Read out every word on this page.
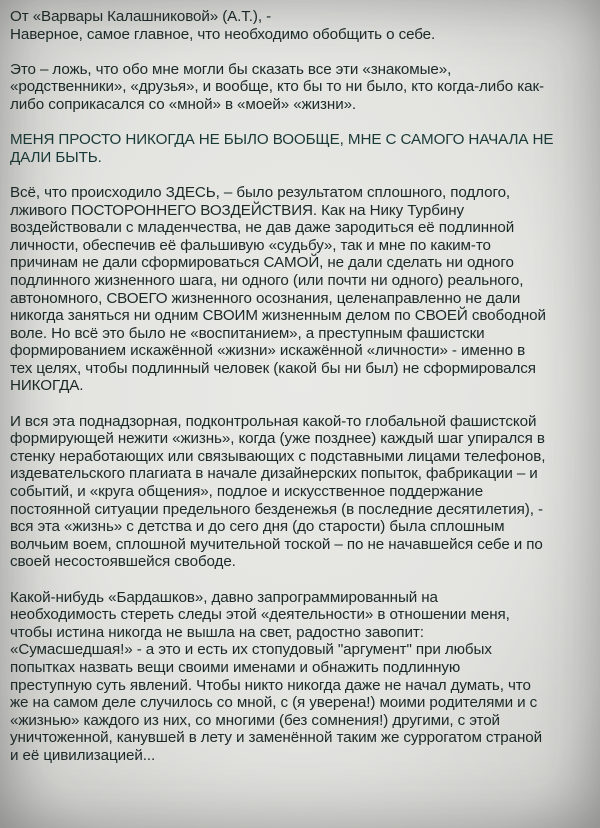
От «Варвары Калашниковой» (А.Т.), -
Наверное, самое главное, что необходимо обобщить о себе.
Это – ложь, что обо мне могли бы сказать все эти «знакомые»,
«родственники», «друзья», и вообще, кто бы то ни было, кто когда-либо как-
либо соприкасался со «мной» в «моей» «жизни».
МЕНЯ ПРОСТО НИКОГДА НЕ БЫЛО ВООБЩЕ, МНЕ С САМОГО НАЧАЛА НЕ
ДАЛИ БЫТЬ.
Всё, что происходило ЗДЕСЬ, – было результатом сплошного, подлого,
лживого ПОСТОРОННЕГО ВОЗДЕЙСТВИЯ. Как на Нику Турбину
воздействовали с младенчества, не дав даже зародиться её подлинной
личности, обеспечив её фальшивую «судьбу», так и мне по каким-то
причинам не дали сформироваться САМОЙ, не дали сделать ни одного
подлинного жизненного шага, ни одного (или почти ни одного) реального,
автономного, СВОЕГО жизненного осознания, целенаправленно не дали
никогда заняться ни одним СВОИМ жизненным делом по СВОЕЙ свободной
воле. Но всё это было не «воспитанием», а преступным фашистски
формированием искажённой «жизни» искажённой «личности» - именно в
тех целях, чтобы подлинный человек (какой бы ни был) не сформировался
НИКОГДА.
И вся эта поднадзорная, подконтрольная какой-то глобальной фашистской
формирующей нежити «жизнь», когда (уже позднее) каждый шаг упирался в
стенку неработающих или связывающих с подставными лицами телефонов,
издевательского плагиата в начале дизайнерских попыток, фабрикации – и
событий, и «круга общения», подлое и искусственное поддержание
постоянной ситуации предельного безденежья (в последние десятилетия), -
вся эта «жизнь» с детства и до сего дня (до старости) была сплошным
волчьим воем, сплошной мучительной тоской – по не начавшейся себе и по
своей несостоявшейся свободе.
Какой-нибудь «Бардашков», давно запрограммированный на
необходимость стереть следы этой «деятельности» в отношении меня,
чтобы истина никогда не вышла на свет, радостно завопит:
«Сумасшедшая!» - а это и есть их стопудовый "аргумент" при любых
попытках назвать вещи своими именами и обнажить подлинную
преступную суть явлений. Чтобы никто никогда даже не начал думать, что
же на самом деле случилось со мной, с (я уверена!) моими родителями и с
«жизнью» каждого из них, со многими (без сомнения!) другими, с этой
уничтоженной, канувшей в лету и заменённой таким же суррогатом страной
и её цивилизацией...
